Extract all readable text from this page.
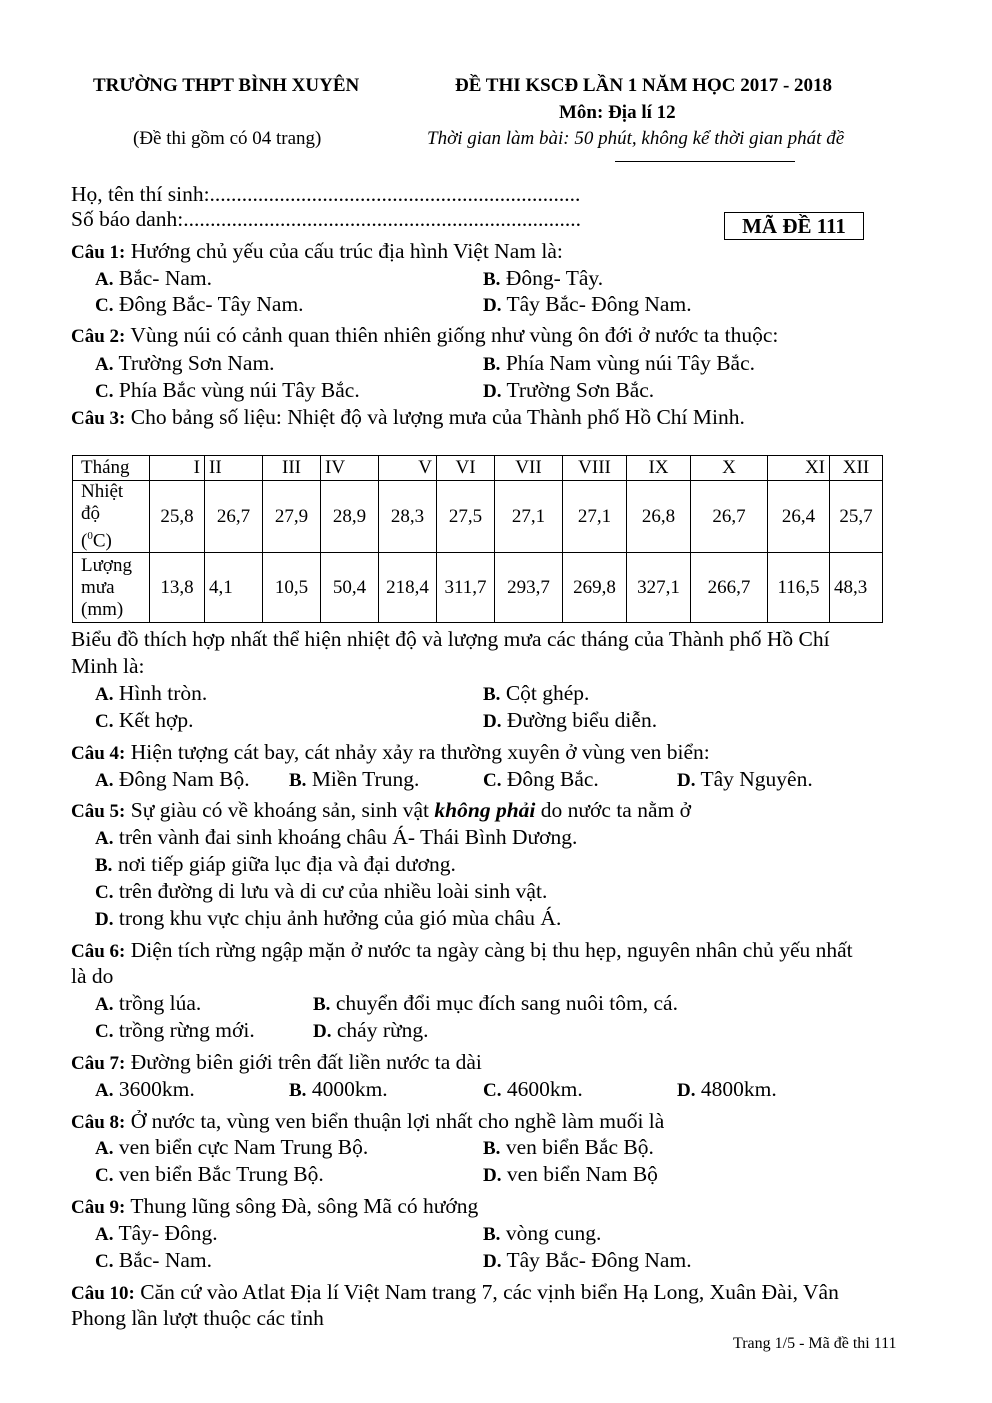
TRƯỜNG THPT BÌNH XUYÊN	ĐỀ THI KSCĐ LẦN 1 NĂM HỌC 2017 - 2018
Môn: Địa lí 12
(Đề thi gồm có 04 trang)	Thời gian làm bài: 50 phút, không kể thời gian phát đề
Họ, tên thí sinh:.....................................................................
Số báo danh:..........................................................................	MÃ ĐỀ 111
Câu 1: Hướng chủ yếu của cấu trúc địa hình Việt Nam là:
A. Bắc- Nam.	B. Đông- Tây.
C. Đông Bắc- Tây Nam.	D. Tây Bắc- Đông Nam.
Câu 2: Vùng núi có cảnh quan thiên nhiên giống như vùng ôn đới ở nước ta thuộc:
A. Trường Sơn Nam.	B. Phía Nam vùng núi Tây Bắc.
C. Phía Bắc vùng núi Tây Bắc.	D. Trường Sơn Bắc.
Câu 3: Cho bảng số liệu: Nhiệt độ và lượng mưa của Thành phố Hồ Chí Minh.
Tháng	I	II	III	IV	V	VI	VII	VIII	IX	X	XI	XII
Nhiệt
độ
($^0$C)	25,8	26,7	27,9	28,9	28,3	27,5	27,1	27,1	26,8	26,7	26,4	25,7
Lượng
mưa
(mm)	13,8	4,1	10,5	50,4	218,4	311,7	293,7	269,8	327,1	266,7	116,5	48,3
Biểu đồ thích hợp nhất thể hiện nhiệt độ và lượng mưa các tháng của Thành phố Hồ Chí
Minh là:
A. Hình tròn.	B. Cột ghép.
C. Kết hợp.	D. Đường biểu diễn.
Câu 4: Hiện tượng cát bay, cát nhảy xảy ra thường xuyên ở vùng ven biển:
A. Đông Nam Bộ. B. Miền Trung.	C. Đông Bắc.	D. Tây Nguyên.
Câu 5: Sự giàu có về khoáng sản, sinh vật không phải do nước ta nằm ở
A. trên vành đai sinh khoáng châu Á- Thái Bình Dương.
B. nơi tiếp giáp giữa lục địa và đại dương.
C. trên đường di lưu và di cư của nhiều loài sinh vật.
D. trong khu vực chịu ảnh hưởng của gió mùa châu Á.
Câu 6: Diện tích rừng ngập mặn ở nước ta ngày càng bị thu hẹp, nguyên nhân chủ yếu nhất
là do
A. trồng lúa.	B. chuyển đổi mục đích sang nuôi tôm, cá.
C. trồng rừng mới.	D. cháy rừng.
Câu 7: Đường biên giới trên đất liền nước ta dài
A. 3600km.	B. 4000km.	C. 4600km.	D. 4800km.
Câu 8: Ở nước ta, vùng ven biển thuận lợi nhất cho nghề làm muối là
A. ven biển cực Nam Trung Bộ.	B. ven biển Bắc Bộ.
C. ven biển Bắc Trung Bộ.	D. ven biển Nam Bộ
Câu 9: Thung lũng sông Đà, sông Mã có hướng
A. Tây- Đông.	B. vòng cung.
C. Bắc- Nam.	D. Tây Bắc- Đông Nam.
Câu 10: Căn cứ vào Atlat Địa lí Việt Nam trang 7, các vịnh biển Hạ Long, Xuân Đài, Vân
Phong lần lượt thuộc các tỉnh
Trang 1/5 - Mã đề thi 111
